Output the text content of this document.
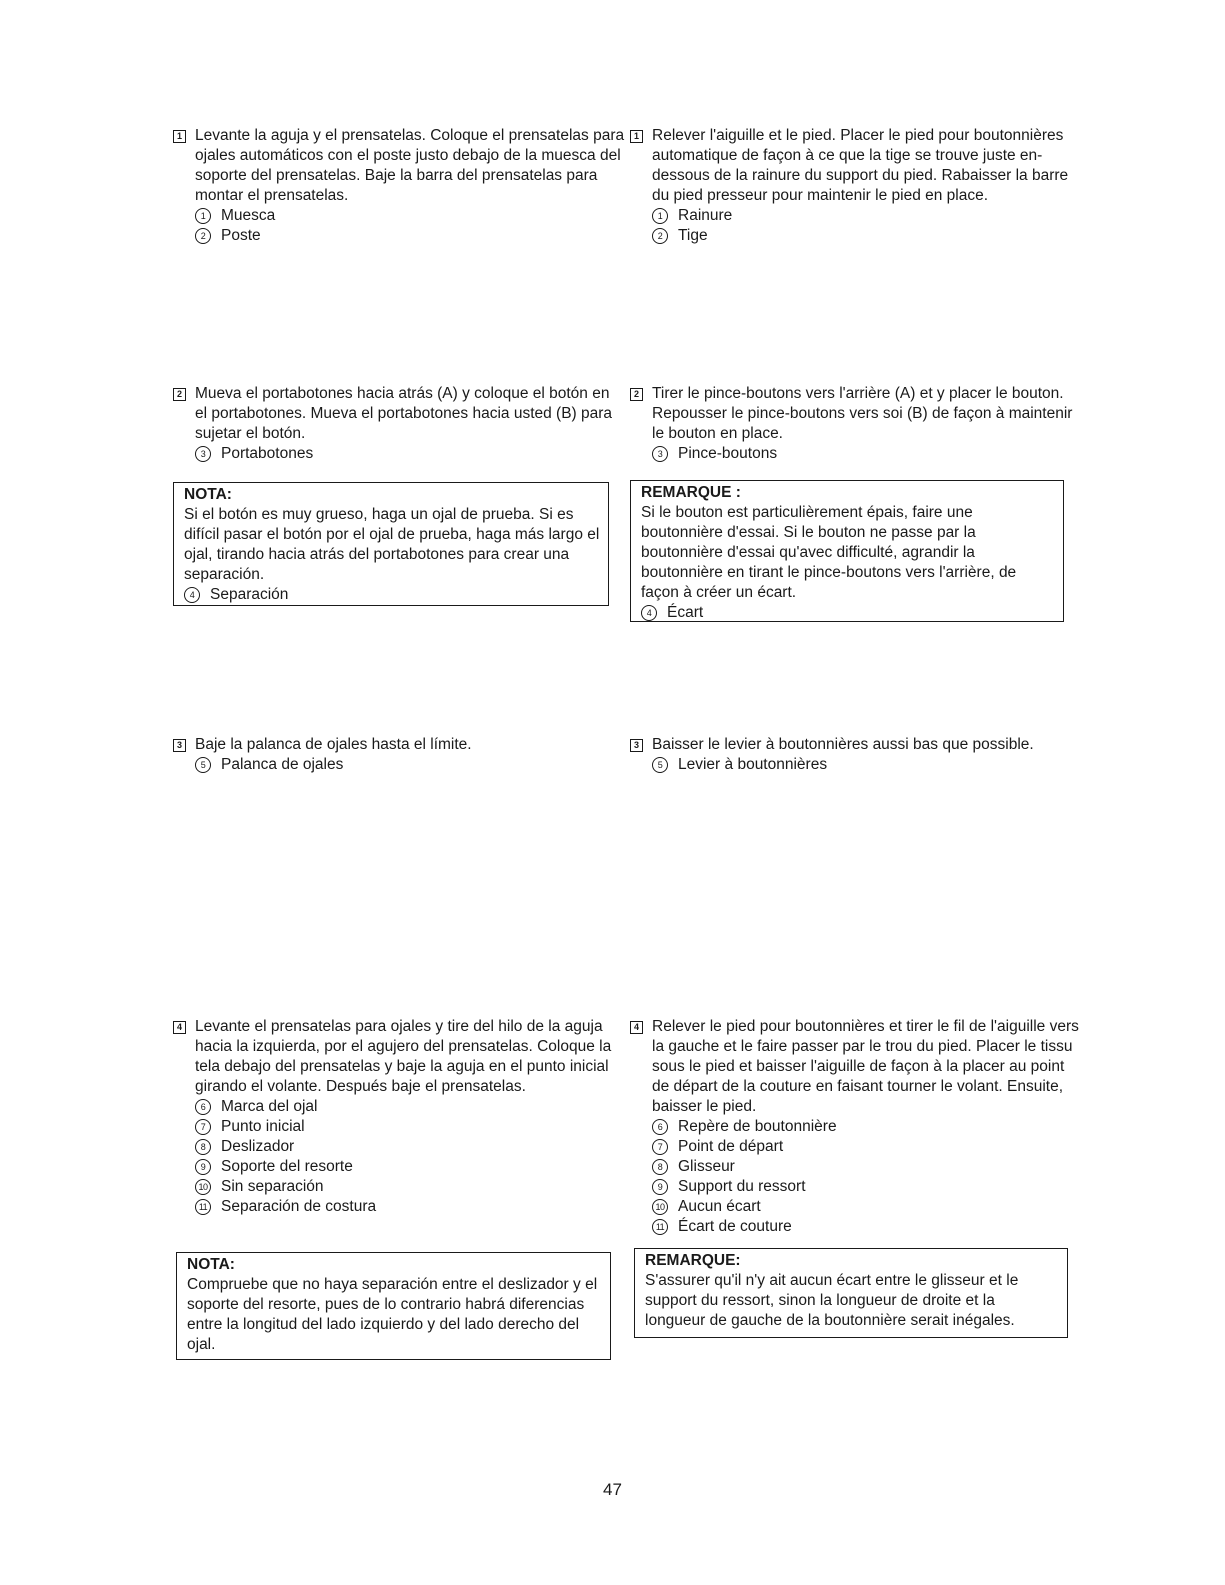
1 Levante la aguja y el prensatelas. Coloque el prensatelas para ojales automáticos con el poste justo debajo de la muesca del soporte del prensatelas. Baje la barra del prensatelas para montar el prensatelas.

1	Muesca
2	Poste
2 Mueva el portabotones hacia atrás (A) y coloque el botón en el portabotones. Mueva el portabotones hacia usted (B) para sujetar el botón.

3	Portabotones
3 Baje la palanca de ojales hasta el límite.

5	Palanca de ojales
4 Levante el prensatelas para ojales y tire del hilo de la aguja hacia la izquierda, por el agujero del prensatelas. Coloque la tela debajo del prensatelas y baje la aguja en el punto inicial girando el volante. Después baje el prensatelas.

6	Marca del ojal
7	Punto inicial
8	Deslizador
9	Soporte del resorte
10 Sin separación
11 Separación de costura

NOTA:

Si el botón es muy grueso, haga un ojal de prueba. Si es difícil pasar el botón por el ojal de prueba, haga más largo el ojal, tirando hacia atrás del portabotones para crear una separación.

4	Separación

NOTA:

Compruebe que no haya separación entre el deslizador y el soporte del resorte, pues de lo contrario habrá diferencias entre la longitud del lado izquierdo y del lado derecho del ojal.

1 Relever l'aiguille et le pied. Placer le pied pour boutonnières automatique de façon à ce que la tige se trouve juste en-dessous de la rainure du support du pied. Rabaisser la barre du pied presseur pour maintenir le pied en place.

1	Rainure
2	Tige
2 Tirer le pince-boutons vers l'arrière (A) et y placer le bouton. Repousser le pince-boutons vers soi (B) de façon à maintenir le bouton en place.

3	Pince-boutons
3 Baisser le levier à boutonnières aussi bas que possible.

5	Levier à boutonnières
4 Relever le pied pour boutonnières et tirer le fil de l'aiguille vers la gauche et le faire passer par le trou du pied. Placer le tissu sous le pied et baisser l'aiguille de façon à la placer au point de départ de la couture en faisant tourner le volant. Ensuite, baisser le pied.

6	Repère de boutonnière
7	Point de départ
8	Glisseur
9	Support du ressort
10 Aucun écart
11 Écart de couture

REMARQUE :

Si le bouton est particulièrement épais, faire une boutonnière d'essai. Si le bouton ne passe par la boutonnière d'essai qu'avec difficulté, agrandir la boutonnière en tirant le pince-boutons vers l'arrière, de façon à créer un écart.

4	Écart

REMARQUE:

S'assurer qu'il n'y ait aucun écart entre le glisseur et le support du ressort, sinon la longueur de droite et la longueur de gauche de la boutonnière serait inégales.

47
